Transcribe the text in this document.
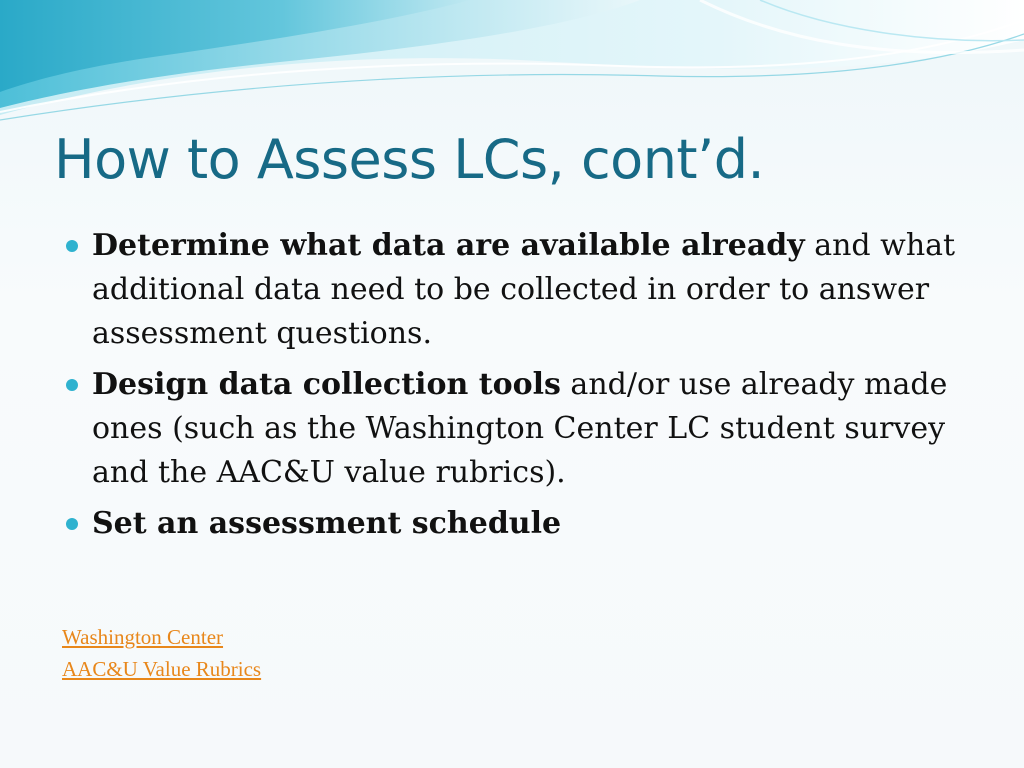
How to Assess LCs, cont’d.
Determine what data are available already and what additional data need to be collected in order to answer assessment questions.
Design data collection tools and/or use already made ones (such as the Washington Center LC student survey and the AAC&U value rubrics).
Set an assessment schedule
Washington Center
AAC&U Value Rubrics
